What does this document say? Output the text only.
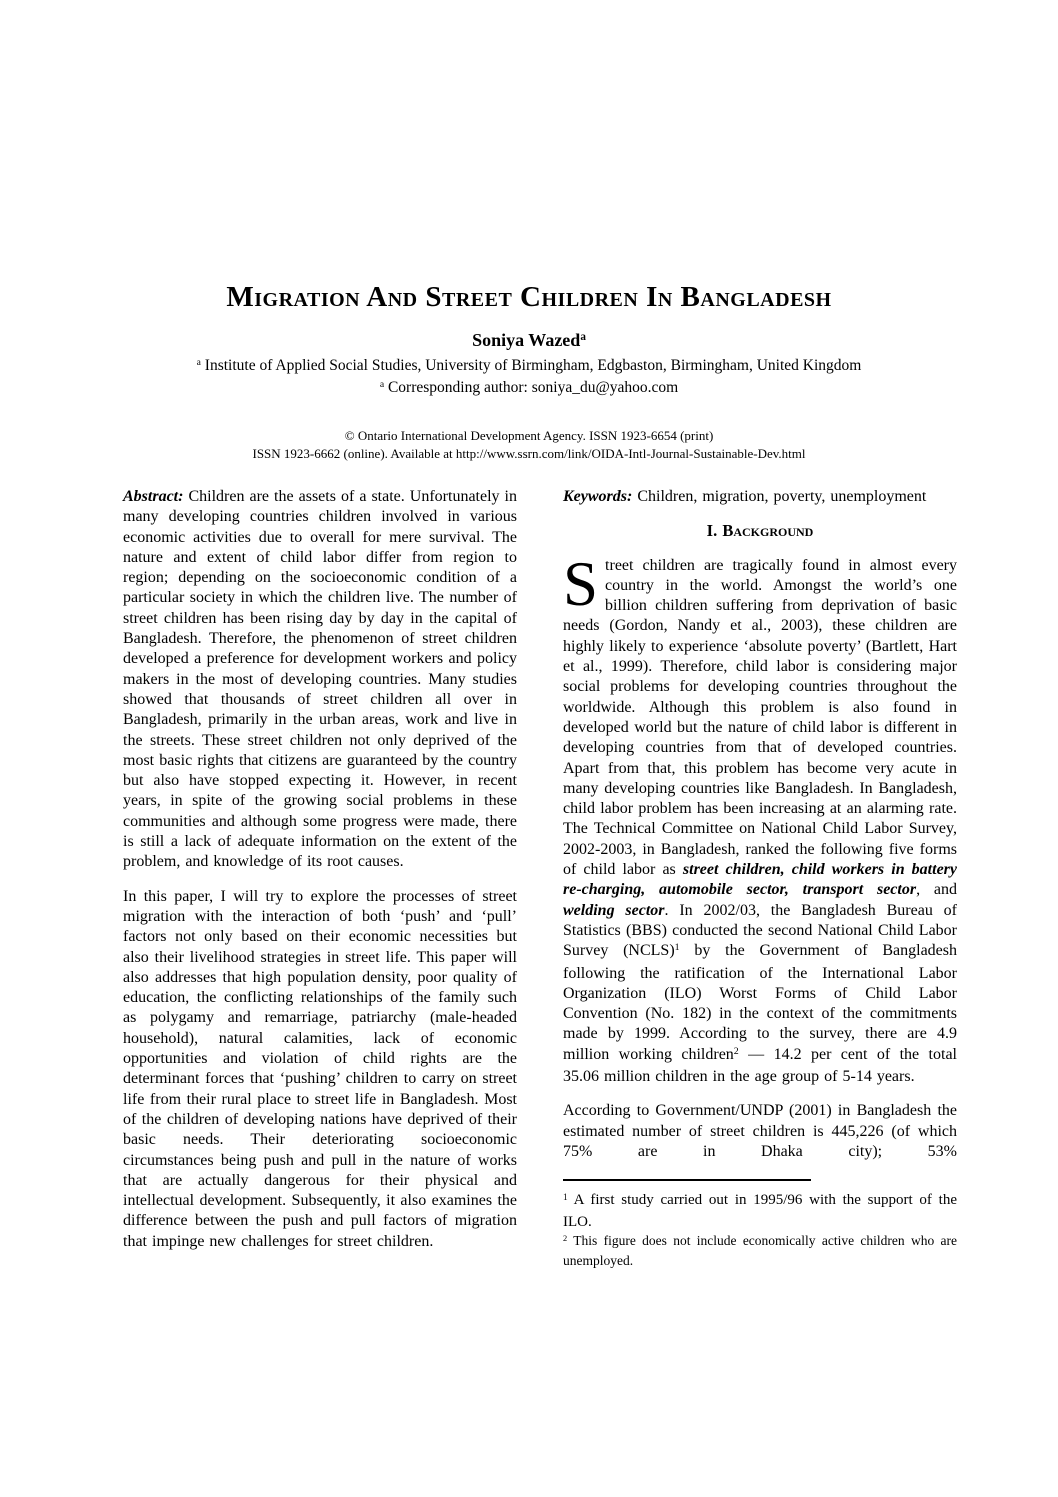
Migration And Street Children In Bangladesh
Soniya Wazed$^a$
$^a$ Institute of Applied Social Studies, University of Birmingham, Edgbaston, Birmingham, United Kingdom
$^a$ Corresponding author: soniya_du@yahoo.com
© Ontario International Development Agency. ISSN 1923-6654 (print)
ISSN 1923-6662 (online). Available at http://www.ssrn.com/link/OIDA-Intl-Journal-Sustainable-Dev.html

Abstract: Children are the assets of a state. Unfortunately in many developing countries children involved in various economic activities due to overall for mere survival. The nature and extent of child labor differ from region to region; depending on the socioeconomic condition of a particular society in which the children live. The number of street children has been rising day by day in the capital of Bangladesh. Therefore, the phenomenon of street children developed a preference for development workers and policy makers in the most of developing countries. Many studies showed that thousands of street children all over in Bangladesh, primarily in the urban areas, work and live in the streets. These street children not only deprived of the most basic rights that citizens are guaranteed by the country but also have stopped expecting it. However, in recent years, in spite of the growing social problems in these communities and although some progress were made, there is still a lack of adequate information on the extent of the problem, and knowledge of its root causes.

In this paper, I will try to explore the processes of street migration with the interaction of both ‘push’ and ‘pull’ factors not only based on their economic necessities but also their livelihood strategies in street life. This paper will also addresses that high population density, poor quality of education, the conflicting relationships of the family such as polygamy and remarriage, patriarchy (male-headed household), natural calamities, lack of economic opportunities and violation of child rights are the determinant forces that ‘pushing’ children to carry on street life from their rural place to street life in Bangladesh. Most of the children of developing nations have deprived of their basic needs. Their deteriorating socioeconomic circumstances being push and pull in the nature of works that are actually dangerous for their physical and intellectual development. Subsequently, it also examines the difference between the push and pull factors of migration that impinge new challenges for street children.

Keywords: Children, migration, poverty, unemployment

I. Background

Street children are tragically found in almost every country in the world. Amongst the world’s one billion children suffering from deprivation of basic needs (Gordon, Nandy et al., 2003), these children are highly likely to experience ‘absolute poverty’ (Bartlett, Hart et al., 1999). Therefore, child labor is considering major social problems for developing countries throughout the worldwide. Although this problem is also found in developed world but the nature of child labor is different in developing countries from that of developed countries. Apart from that, this problem has become very acute in many developing countries like Bangladesh. In Bangladesh, child labor problem has been increasing at an alarming rate. The Technical Committee on National Child Labor Survey, 2002-2003, in Bangladesh, ranked the following five forms of child labor as street children, child workers in battery re-charging, automobile sector, transport sector, and welding sector. In 2002/03, the Bangladesh Bureau of Statistics (BBS) conducted the second National Child Labor Survey (NCLS)$^1$ by the Government of Bangladesh following the ratification of the International Labor Organization (ILO) Worst Forms of Child Labor Convention (No. 182) in the context of the commitments made by 1999. According to the survey, there are 4.9 million working children$^2$ — 14.2 per cent of the total 35.06 million children in the age group of 5-14 years.

According to Government/UNDP (2001) in Bangladesh the estimated number of street children is 445,226 (of which 75% are in Dhaka city); 53%

$^1$ A first study carried out in 1995/96 with the support of the ILO.
$^2$ This figure does not include economically active children who are unemployed.
